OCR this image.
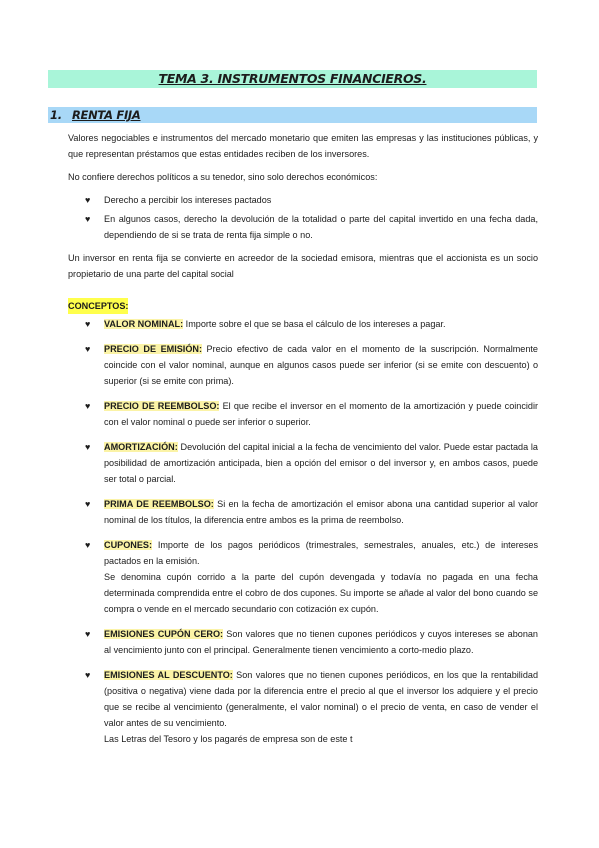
TEMA 3. INSTRUMENTOS FINANCIEROS.
1. RENTA FIJA

Valores negociables e instrumentos del mercado monetario que emiten las empresas y las instituciones públicas, y que representan préstamos que estas entidades reciben de los inversores.

No confiere derechos políticos a su tenedor, sino solo derechos económicos:

♥ Derecho a percibir los intereses pactados
♥ En algunos casos, derecho la devolución de la totalidad o parte del capital invertido en una fecha dada, dependiendo de si se trata de renta fija simple o no.

Un inversor en renta fija se convierte en acreedor de la sociedad emisora, mientras que el accionista es un socio propietario de una parte del capital social

CONCEPTOS:
♥ VALOR NOMINAL: Importe sobre el que se basa el cálculo de los intereses a pagar.
♥ PRECIO DE EMISIÓN: Precio efectivo de cada valor en el momento de la suscripción. Normalmente coincide con el valor nominal, aunque en algunos casos puede ser inferior (si se emite con descuento) o superior (si se emite con prima).
♥ PRECIO DE REEMBOLSO: El que recibe el inversor en el momento de la amortización y puede coincidir con el valor nominal o puede ser inferior o superior.
♥ AMORTIZACIÓN: Devolución del capital inicial a la fecha de vencimiento del valor. Puede estar pactada la posibilidad de amortización anticipada, bien a opción del emisor o del inversor y, en ambos casos, puede ser total o parcial.
♥ PRIMA DE REEMBOLSO: Si en la fecha de amortización el emisor abona una cantidad superior al valor nominal de los títulos, la diferencia entre ambos es la prima de reembolso.
♥ CUPONES: Importe de los pagos periódicos (trimestrales, semestrales, anuales, etc.) de intereses pactados en la emisión.
Se denomina cupón corrido a la parte del cupón devengada y todavía no pagada en una fecha determinada comprendida entre el cobro de dos cupones. Su importe se añade al valor del bono cuando se compra o vende en el mercado secundario con cotización ex cupón.
♥ EMISIONES CUPÓN CERO: Son valores que no tienen cupones periódicos y cuyos intereses se abonan al vencimiento junto con el principal. Generalmente tienen vencimiento a corto-medio plazo.
♥ EMISIONES AL DESCUENTO: Son valores que no tienen cupones periódicos, en los que la rentabilidad (positiva o negativa) viene dada por la diferencia entre el precio al que el inversor los adquiere y el precio que se recibe al vencimiento (generalmente, el valor nominal) o el precio de venta, en caso de vender el valor antes de su vencimiento.
Las Letras del Tesoro y los pagarés de empresa son de este t
